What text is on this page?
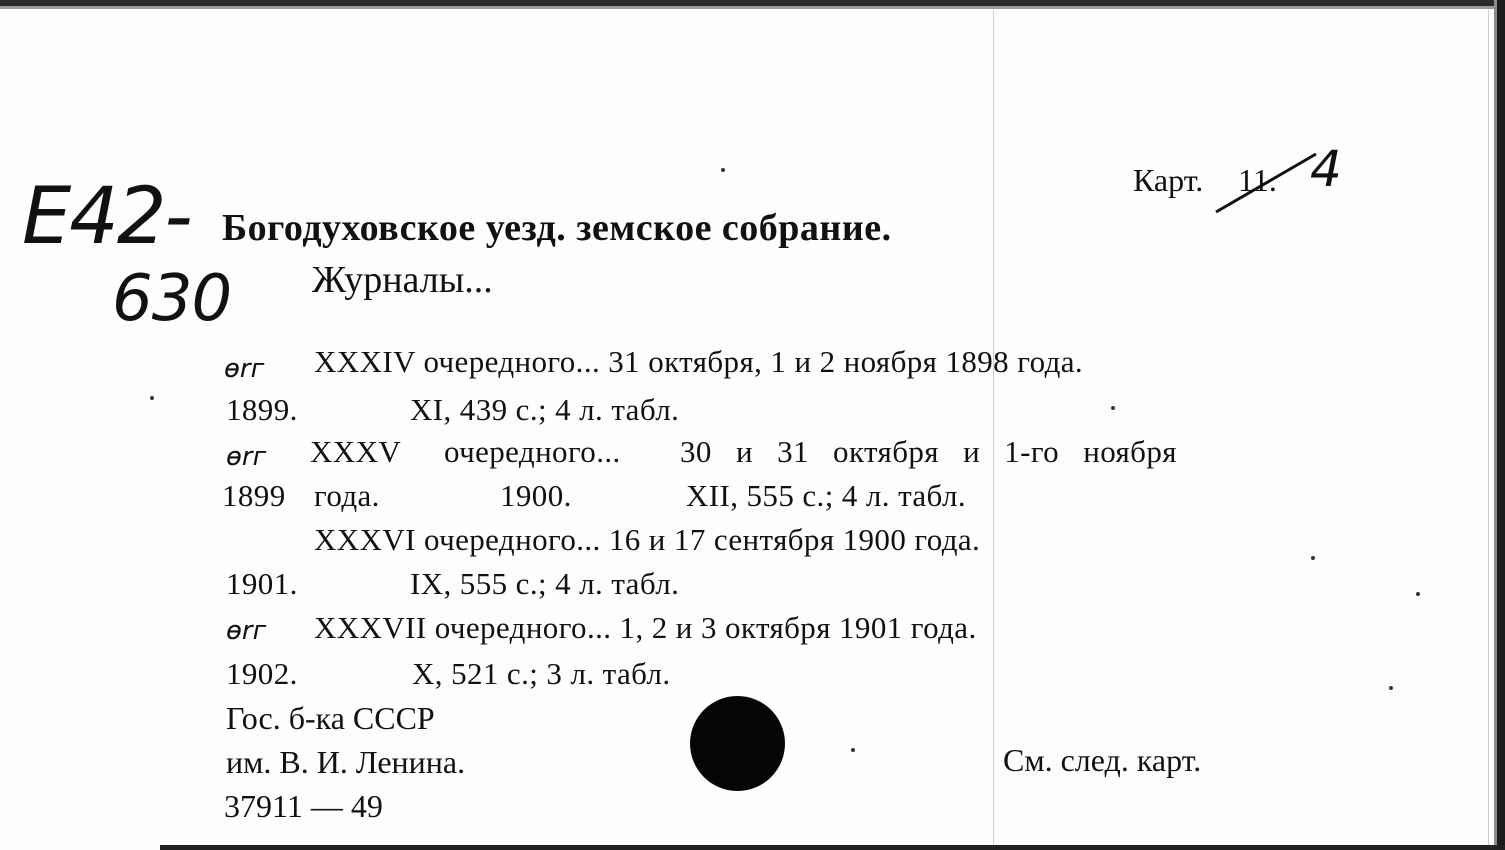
Карт. 11. 4
E42-
630
Богодуховское уезд. земское собрание.
Журналы...
өrг XXXIV очередного... 31 октября, 1 и 2 ноября 1898 года.
1899.	XI, 439 с.; 4 л. табл.
өrг XXXV очередного... 30 и 31 октября и 1-го ноября
1899 года.	1900.	XII, 555 с.; 4 л. табл.
XXXVI очередного... 16 и 17 сентября 1900 года.
1901.	IX, 555 с.; 4 л. табл.
өrг XXXVII очередного... 1, 2 и 3 октября 1901 года.
1902.	X, 521 с.; 3 л. табл.
Гос. б-ка СССР
им. В. И. Ленина.
37911 — 49
См. след. карт.
